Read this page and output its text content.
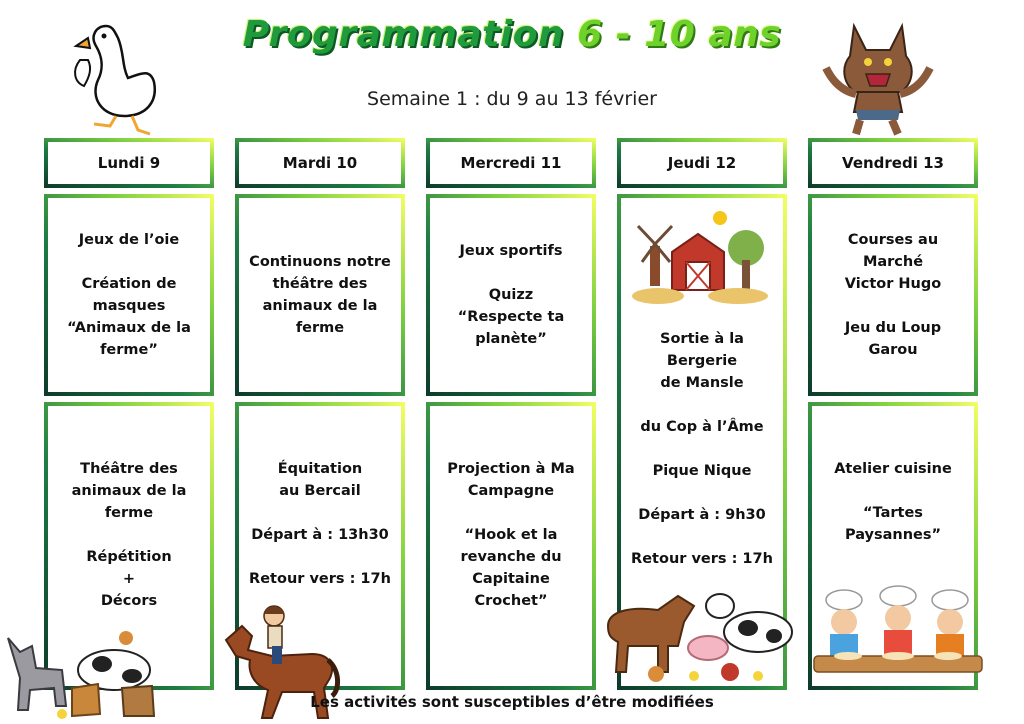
Programmation 6 - 10 ans
Semaine 1 : du 9 au 13 février
Lundi 9
Jeux de l’oie
Création de
masques
“Animaux de la
ferme”
Théâtre des
animaux de la
ferme
Répétition
+
Décors
Mardi 10
Continuons notre
théâtre des
animaux de la
ferme
Équitation
au Bercail
Départ à : 13h30
Retour vers : 17h
Mercredi 11
Jeux sportifs
Quizz
“Respecte ta
planète”
Projection à Ma
Campagne
“Hook et la
revanche du
Capitaine Crochet”
Jeudi 12
Sortie à la Bergerie
de Mansle
du Cop à l’Âme
Pique Nique
Départ à : 9h30
Retour vers : 17h
Vendredi 13
Courses au Marché
Victor Hugo
Jeu du Loup Garou
Atelier cuisine
“Tartes
Paysannes”
Les activités sont susceptibles d’être modifiées
